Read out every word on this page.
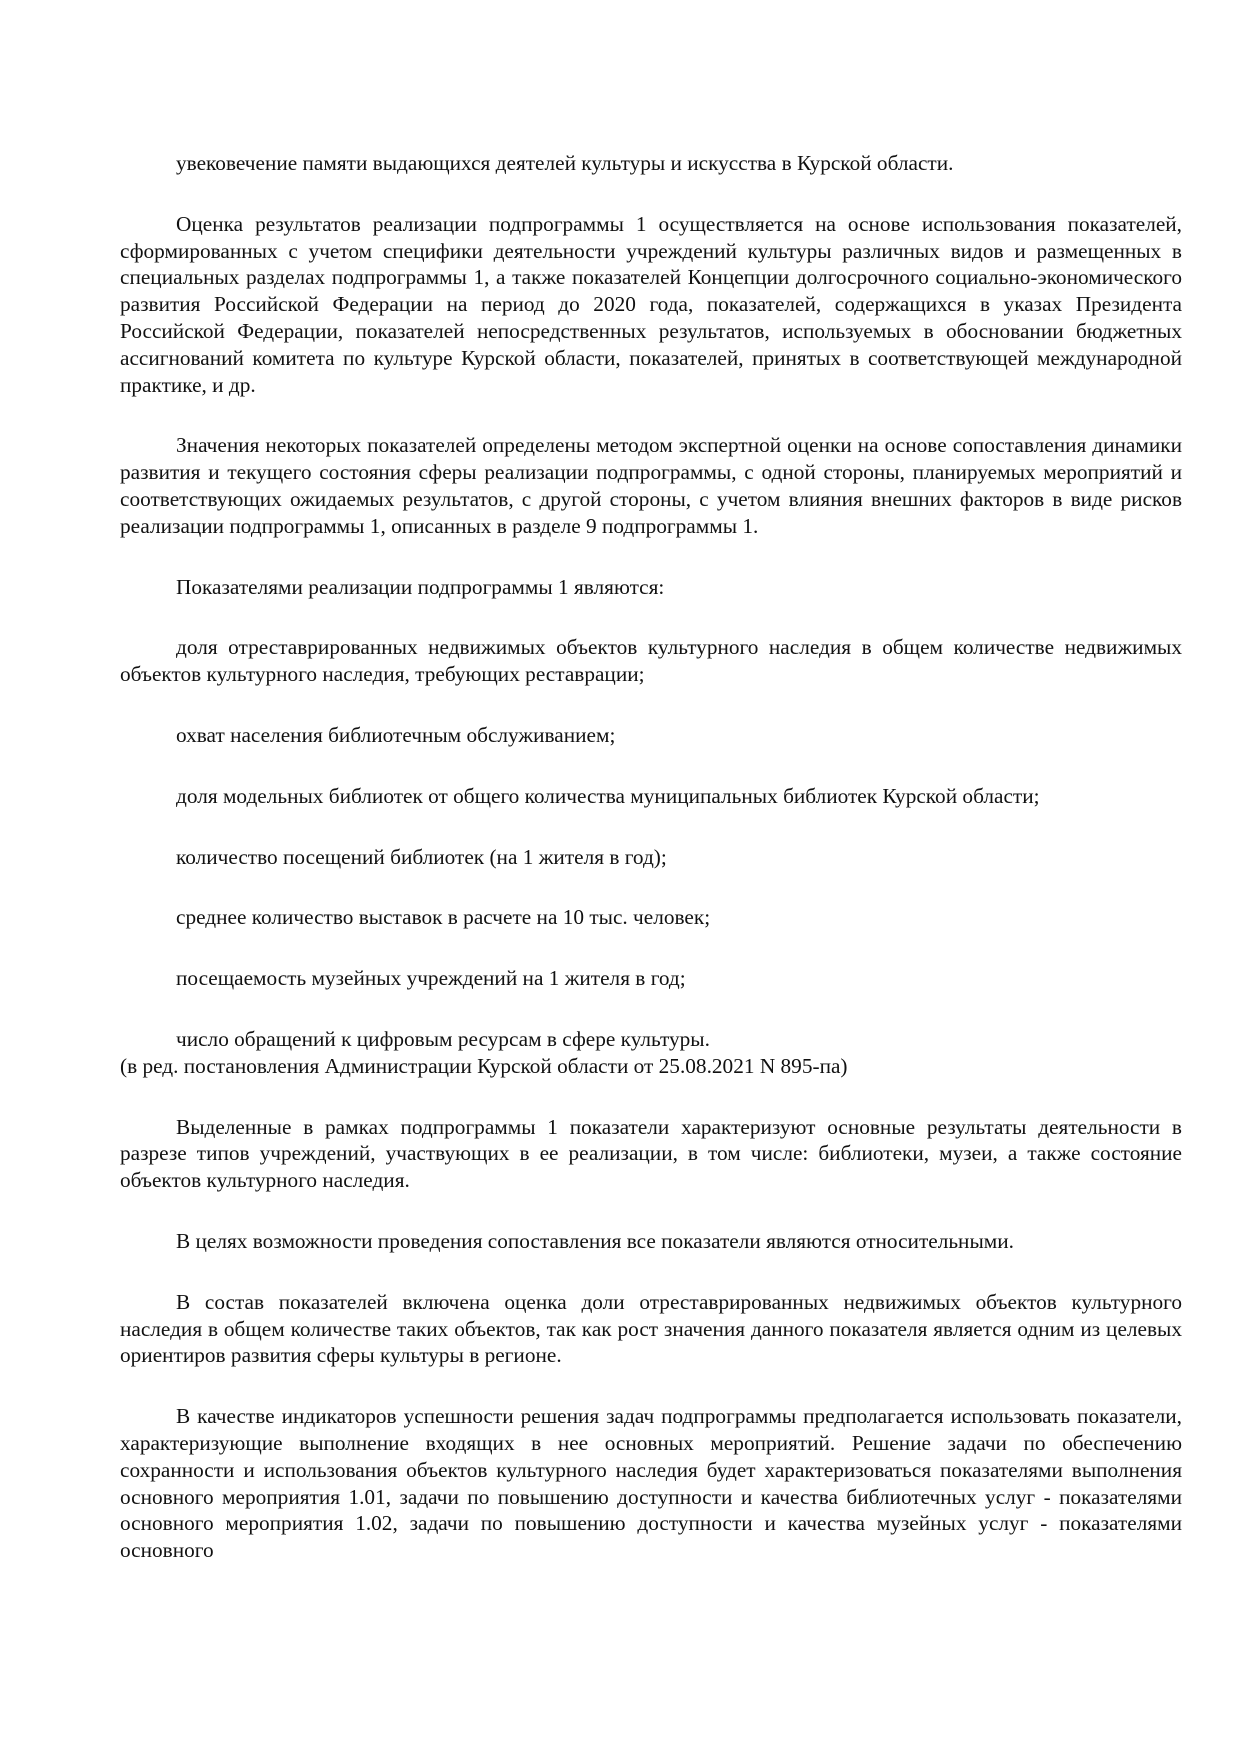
увековечение памяти выдающихся деятелей культуры и искусства в Курской области.

Оценка результатов реализации подпрограммы 1 осуществляется на основе использования показателей, сформированных с учетом специфики деятельности учреждений культуры различных видов и размещенных в специальных разделах подпрограммы 1, а также показателей Концепции долгосрочного социально-экономического развития Российской Федерации на период до 2020 года, показателей, содержащихся в указах Президента Российской Федерации, показателей непосредственных результатов, используемых в обосновании бюджетных ассигнований комитета по культуре Курской области, показателей, принятых в соответствующей международной практике, и др.

Значения некоторых показателей определены методом экспертной оценки на основе сопоставления динамики развития и текущего состояния сферы реализации подпрограммы, с одной стороны, планируемых мероприятий и соответствующих ожидаемых результатов, с другой стороны, с учетом влияния внешних факторов в виде рисков реализации подпрограммы 1, описанных в разделе 9 подпрограммы 1.

Показателями реализации подпрограммы 1 являются:

доля отреставрированных недвижимых объектов культурного наследия в общем количестве недвижимых объектов культурного наследия, требующих реставрации;

охват населения библиотечным обслуживанием;

доля модельных библиотек от общего количества муниципальных библиотек Курской области;

количество посещений библиотек (на 1 жителя в год);

среднее количество выставок в расчете на 10 тыс. человек;

посещаемость музейных учреждений на 1 жителя в год;

число обращений к цифровым ресурсам в сфере культуры.

(в ред. постановления Администрации Курской области от 25.08.2021 N 895-па)

Выделенные в рамках подпрограммы 1 показатели характеризуют основные результаты деятельности в разрезе типов учреждений, участвующих в ее реализации, в том числе: библиотеки, музеи, а также состояние объектов культурного наследия.

В целях возможности проведения сопоставления все показатели являются относительными.

В состав показателей включена оценка доли отреставрированных недвижимых объектов культурного наследия в общем количестве таких объектов, так как рост значения данного показателя является одним из целевых ориентиров развития сферы культуры в регионе.

В качестве индикаторов успешности решения задач подпрограммы предполагается использовать показатели, характеризующие выполнение входящих в нее основных мероприятий. Решение задачи по обеспечению сохранности и использования объектов культурного наследия будет характеризоваться показателями выполнения основного мероприятия 1.01, задачи по повышению доступности и качества библиотечных услуг - показателями основного мероприятия 1.02, задачи по повышению доступности и качества музейных услуг - показателями основного
